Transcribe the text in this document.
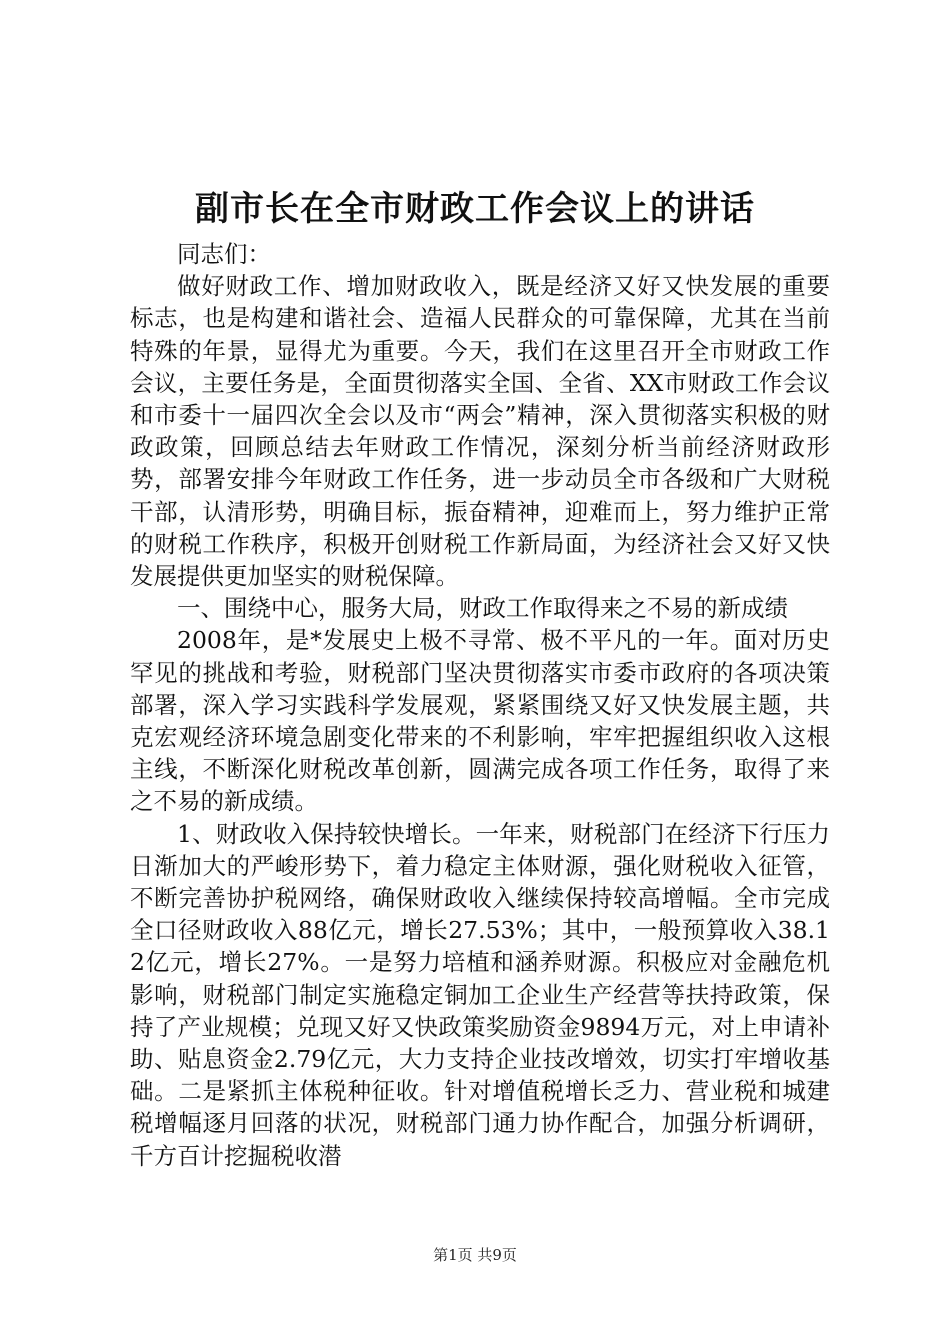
副市长在全市财政工作会议上的讲话

同志们：

做好财政工作、增加财政收入，既是经济又好又快发展的重要标志，也是构建和谐社会、造福人民群众的可靠保障，尤其在当前特殊的年景，显得尤为重要。今天，我们在这里召开全市财政工作会议，主要任务是，全面贯彻落实全国、全省、XX市财政工作会议和市委十一届四次全会以及市“两会”精神，深入贯彻落实积极的财政政策，回顾总结去年财政工作情况，深刻分析当前经济财政形势，部署安排今年财政工作任务，进一步动员全市各级和广大财税干部，认清形势，明确目标，振奋精神，迎难而上，努力维护正常的财税工作秩序，积极开创财税工作新局面，为经济社会又好又快发展提供更加坚实的财税保障。

一、围绕中心，服务大局，财政工作取得来之不易的新成绩

2008年，是*发展史上极不寻常、极不平凡的一年。面对历史罕见的挑战和考验，财税部门坚决贯彻落实市委市政府的各项决策部署，深入学习实践科学发展观，紧紧围绕又好又快发展主题，共克宏观经济环境急剧变化带来的不利影响，牢牢把握组织收入这根主线，不断深化财税改革创新，圆满完成各项工作任务，取得了来之不易的新成绩。

1、财政收入保持较快增长。一年来，财税部门在经济下行压力日渐加大的严峻形势下，着力稳定主体财源，强化财税收入征管，不断完善协护税网络，确保财政收入继续保持较高增幅。全市完成全口径财政收入88亿元，增长27.53%；其中，一般预算收入38.12亿元，增长27%。一是努力培植和涵养财源。积极应对金融危机影响，财税部门制定实施稳定铜加工企业生产经营等扶持政策，保持了产业规模；兑现又好又快政策奖励资金9894万元，对上申请补助、贴息资金2.79亿元，大力支持企业技改增效，切实打牢增收基础。二是紧抓主体税种征收。针对增值税增长乏力、营业税和城建税增幅逐月回落的状况，财税部门通力协作配合，加强分析调研，千方百计挖掘税收潜

第1页 共9页
